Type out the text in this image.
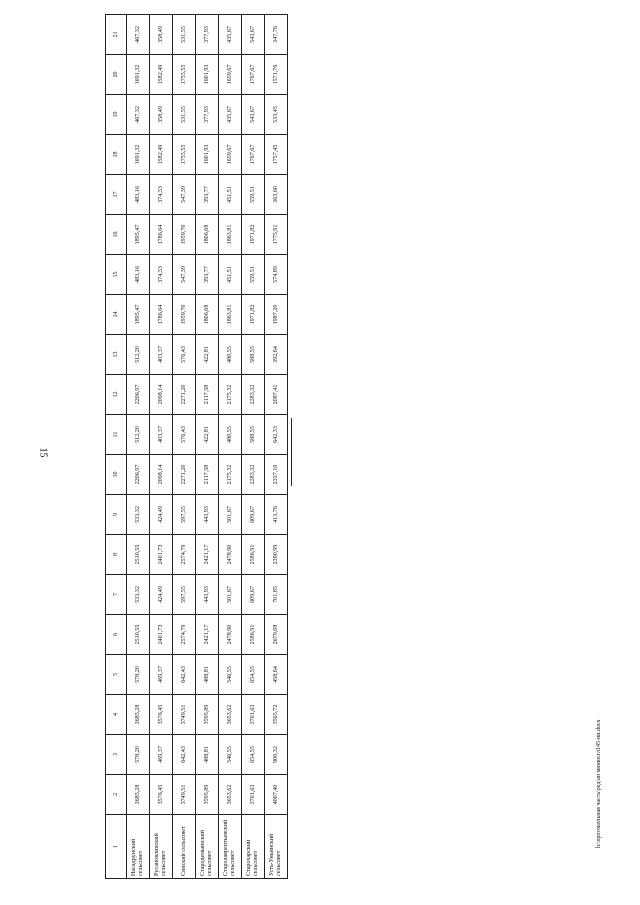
15
h:\протокольная часть\ред\ан мннюсгл145-ни.docx
1	2	3	4	5	6	7	8	9	10	11	12	13	14	15	16	17	18	19	20	21
Насадрунский сельсовет	3685,28	578,20	3685,28	578,20	2510,55	533,32	2510,55	533,32	2206,97	512,20	2206,97	512,20	1895,47	483,16	1895,47	483,16	1691,32	467,32	1691,32	467,32
Русановлинский сельсовет	3576,45	469,37	3576,45	469,37	2401,73	424,49	2401,73	424,49	2098,14	403,37	2098,14	403,37	1786,64	374,33	1786,64	374,33	1582,49	358,49	1582,49	358,49
Синский сельсовет	3749,51	642,43	3749,51	642,43	2574,79	597,55	2574,79	597,55	2271,20	576,43	2271,20	576,43	1959,70	547,39	1959,70	547,39	1755,55	531,55	1755,55	531,55
Стародемьянский сельсовет	3595,89	488,81	3595,89	488,81	2421,17	443,93	2421,17	443,93	2117,58	422,81	2117,58	422,81	1806,08	393,77	1806,08	393,77	1601,93	377,93	1601,93	377,93
Старолаврентьевский сельсовет	3653,62	546,55	3653,62	546,55	2478,90	501,67	2478,90	501,67	2175,32	480,55	2175,32	480,55	1863,81	451,51	1863,81	451,51	1659,67	435,67	1659,67	435,67
Старохарский сельсовет	3761,63	654,55	3761,63	654,55	2586,91	609,67	2586,91	609,67	2283,32	588,55	2283,32	588,55	1971,82	559,51	1971,82	559,51	1767,67	543,67	1767,67	543,67
Усть-Уньинский сельсовет	4007,40	900,32	3565,72	458,64	2679,08	701,85	2390,99	413,76	2337,10	642,33	2087,41	392,64	1987,20	574,89	1775,91	363,60	1757,45	533,45	1571,76	347,76
